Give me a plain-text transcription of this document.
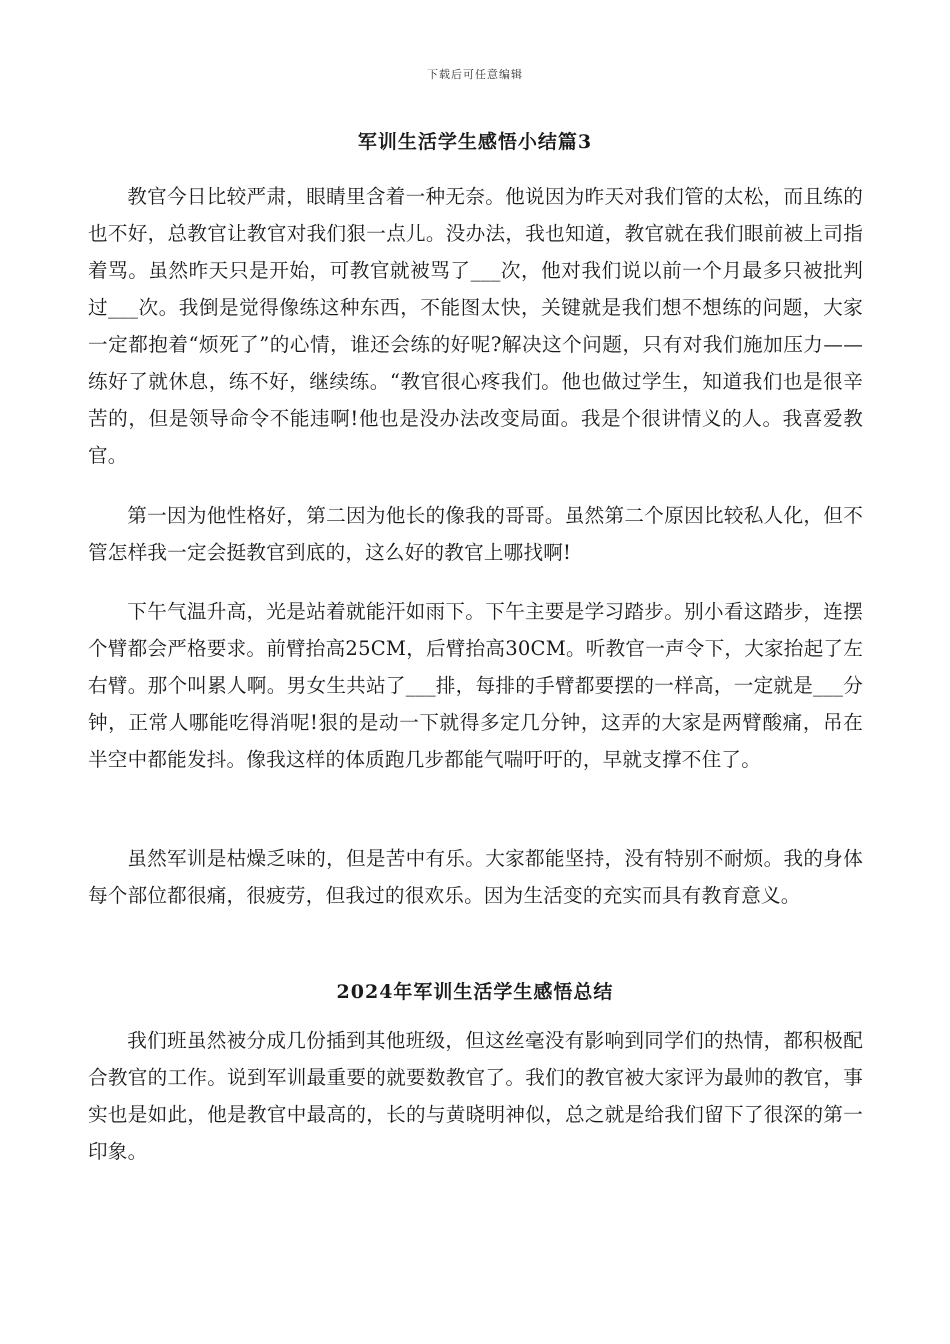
下载后可任意编辑
军训生活学生感悟小结篇3

教官今日比较严肃，眼睛里含着一种无奈。他说因为昨天对我们管的太松，而且练的也不好，总教官让教官对我们狠一点儿。没办法，我也知道，教官就在我们眼前被上司指着骂。虽然昨天只是开始，可教官就被骂了___次，他对我们说以前一个月最多只被批判过___次。我倒是觉得像练这种东西，不能图太快，关键就是我们想不想练的问题，大家一定都抱着“烦死了”的心情，谁还会练的好呢?解决这个问题，只有对我们施加压力——练好了就休息，练不好，继续练。“教官很心疼我们。他也做过学生，知道我们也是很辛苦的，但是领导命令不能违啊!他也是没办法改变局面。我是个很讲情义的人。我喜爱教官。

第一因为他性格好，第二因为他长的像我的哥哥。虽然第二个原因比较私人化，但不管怎样我一定会挺教官到底的，这么好的教官上哪找啊!

下午气温升高，光是站着就能汗如雨下。下午主要是学习踏步。别小看这踏步，连摆个臂都会严格要求。前臂抬高25CM，后臂抬高30CM。听教官一声令下，大家抬起了左右臂。那个叫累人啊。男女生共站了___排，每排的手臂都要摆的一样高，一定就是___分钟，正常人哪能吃得消呢!狠的是动一下就得多定几分钟，这弄的大家是两臂酸痛，吊在半空中都能发抖。像我这样的体质跑几步都能气喘吁吁的，早就支撑不住了。

虽然军训是枯燥乏味的，但是苦中有乐。大家都能坚持，没有特别不耐烦。我的身体每个部位都很痛，很疲劳，但我过的很欢乐。因为生活变的充实而具有教育意义。

2024年军训生活学生感悟总结

我们班虽然被分成几份插到其他班级，但这丝毫没有影响到同学们的热情，都积极配合教官的工作。说到军训最重要的就要数教官了。我们的教官被大家评为最帅的教官，事实也是如此，他是教官中最高的，长的与黄晓明神似，总之就是给我们留下了很深的第一印象。
